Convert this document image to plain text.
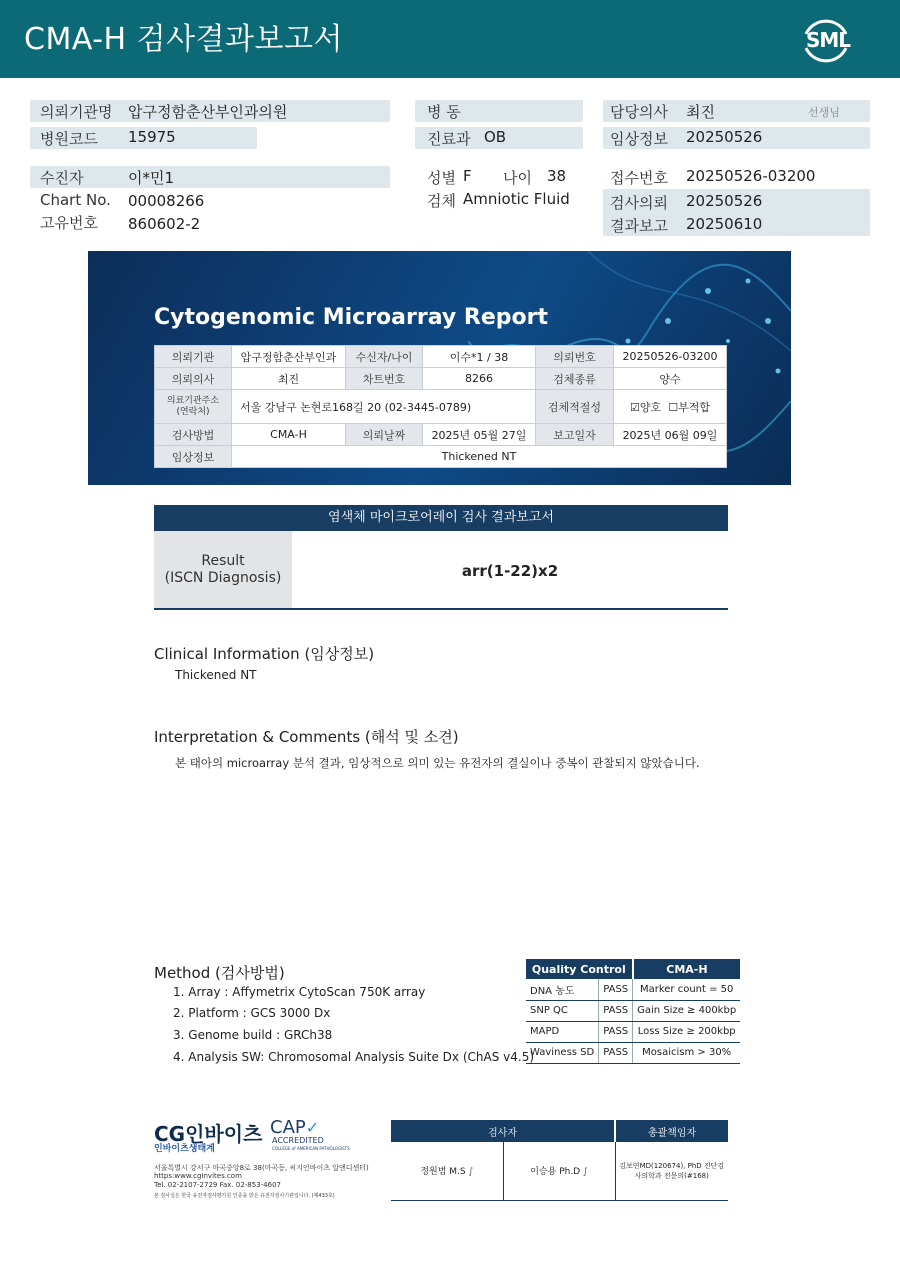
CMA-H 검사결과보고서	SML
의뢰기관명 압구정함춘산부인과의원
병원코드 15975
병 동
진료과 OB
담당의사 최진	선생님
임상정보 20250526
수진자	이*민1
Chart No. 00008266
고유번호 860602-2
성별 F 나이 38
검체 Amniotic Fluid
접수번호 20250526-03200
검사의뢰 20250526
결과보고 20250610
Cytogenomic Microarray Report
의뢰기관	압구정함춘산부인과	수신자/나이	이수*1 / 38	의뢰번호	20250526-03200
의뢰의사	최진	차트번호	8266	검체종류	양수
의료기관주소
(연락처)	서울 강남구 논현로168길 20 (02-3445-0789)			검체적절성	☑양호 ☐부적합
검사방법	CMA-H	의뢰날짜	2025년 05월 27일	보고일자	2025년 06월 09일
임상정보	Thickened NT				
염색체 마이크로어레이 검사 결과보고서
Result
(ISCN Diagnosis)	arr(1-22)x2
Clinical Information (임상정보)
Thickened NT
Interpretation & Comments (해석 및 소견)
본 태아의 microarray 분석 결과, 임상적으로 의미 있는 유전자의 결실이나 중복이 관찰되지 않았습니다.
Method (검사방법)
1. Array : Affymetrix CytoScan 750K array
2. Platform : GCS 3000 Dx
3. Genome build : GRCh38
4. Analysis SW: Chromosomal Analysis Suite Dx (ChAS v4.5)
Quality Control		CMA-H
DNA 농도	PASS	Marker count = 50
SNP QC	PASS	Gain Size ≥ 400kbp
MAPD	PASS	Loss Size ≥ 200kbp
Waviness SD	PASS	Mosaicism > 30%
CG인바이츠
인바이츠생태계
CAP✓
ACCREDITED
COLLEGE of AMERICAN PATHOLOGISTS
서울특별시 강서구 마곡중앙8로 38(마곡동, 씨지인바이츠 알앤디센터)
https:www.cgInvites.com
Tel. 02-2107-2729 Fax. 02-853-4607
본 검사실은 한국 유전자검사평가원 인증을 받은 유전자검사기관입니다. (제433호)
검사자		총괄책임자
정원범 M.S ∫	이승용 Ph.D ∫	김보연MD(120674), PhD 진단검사의학과 전문의(#168)
